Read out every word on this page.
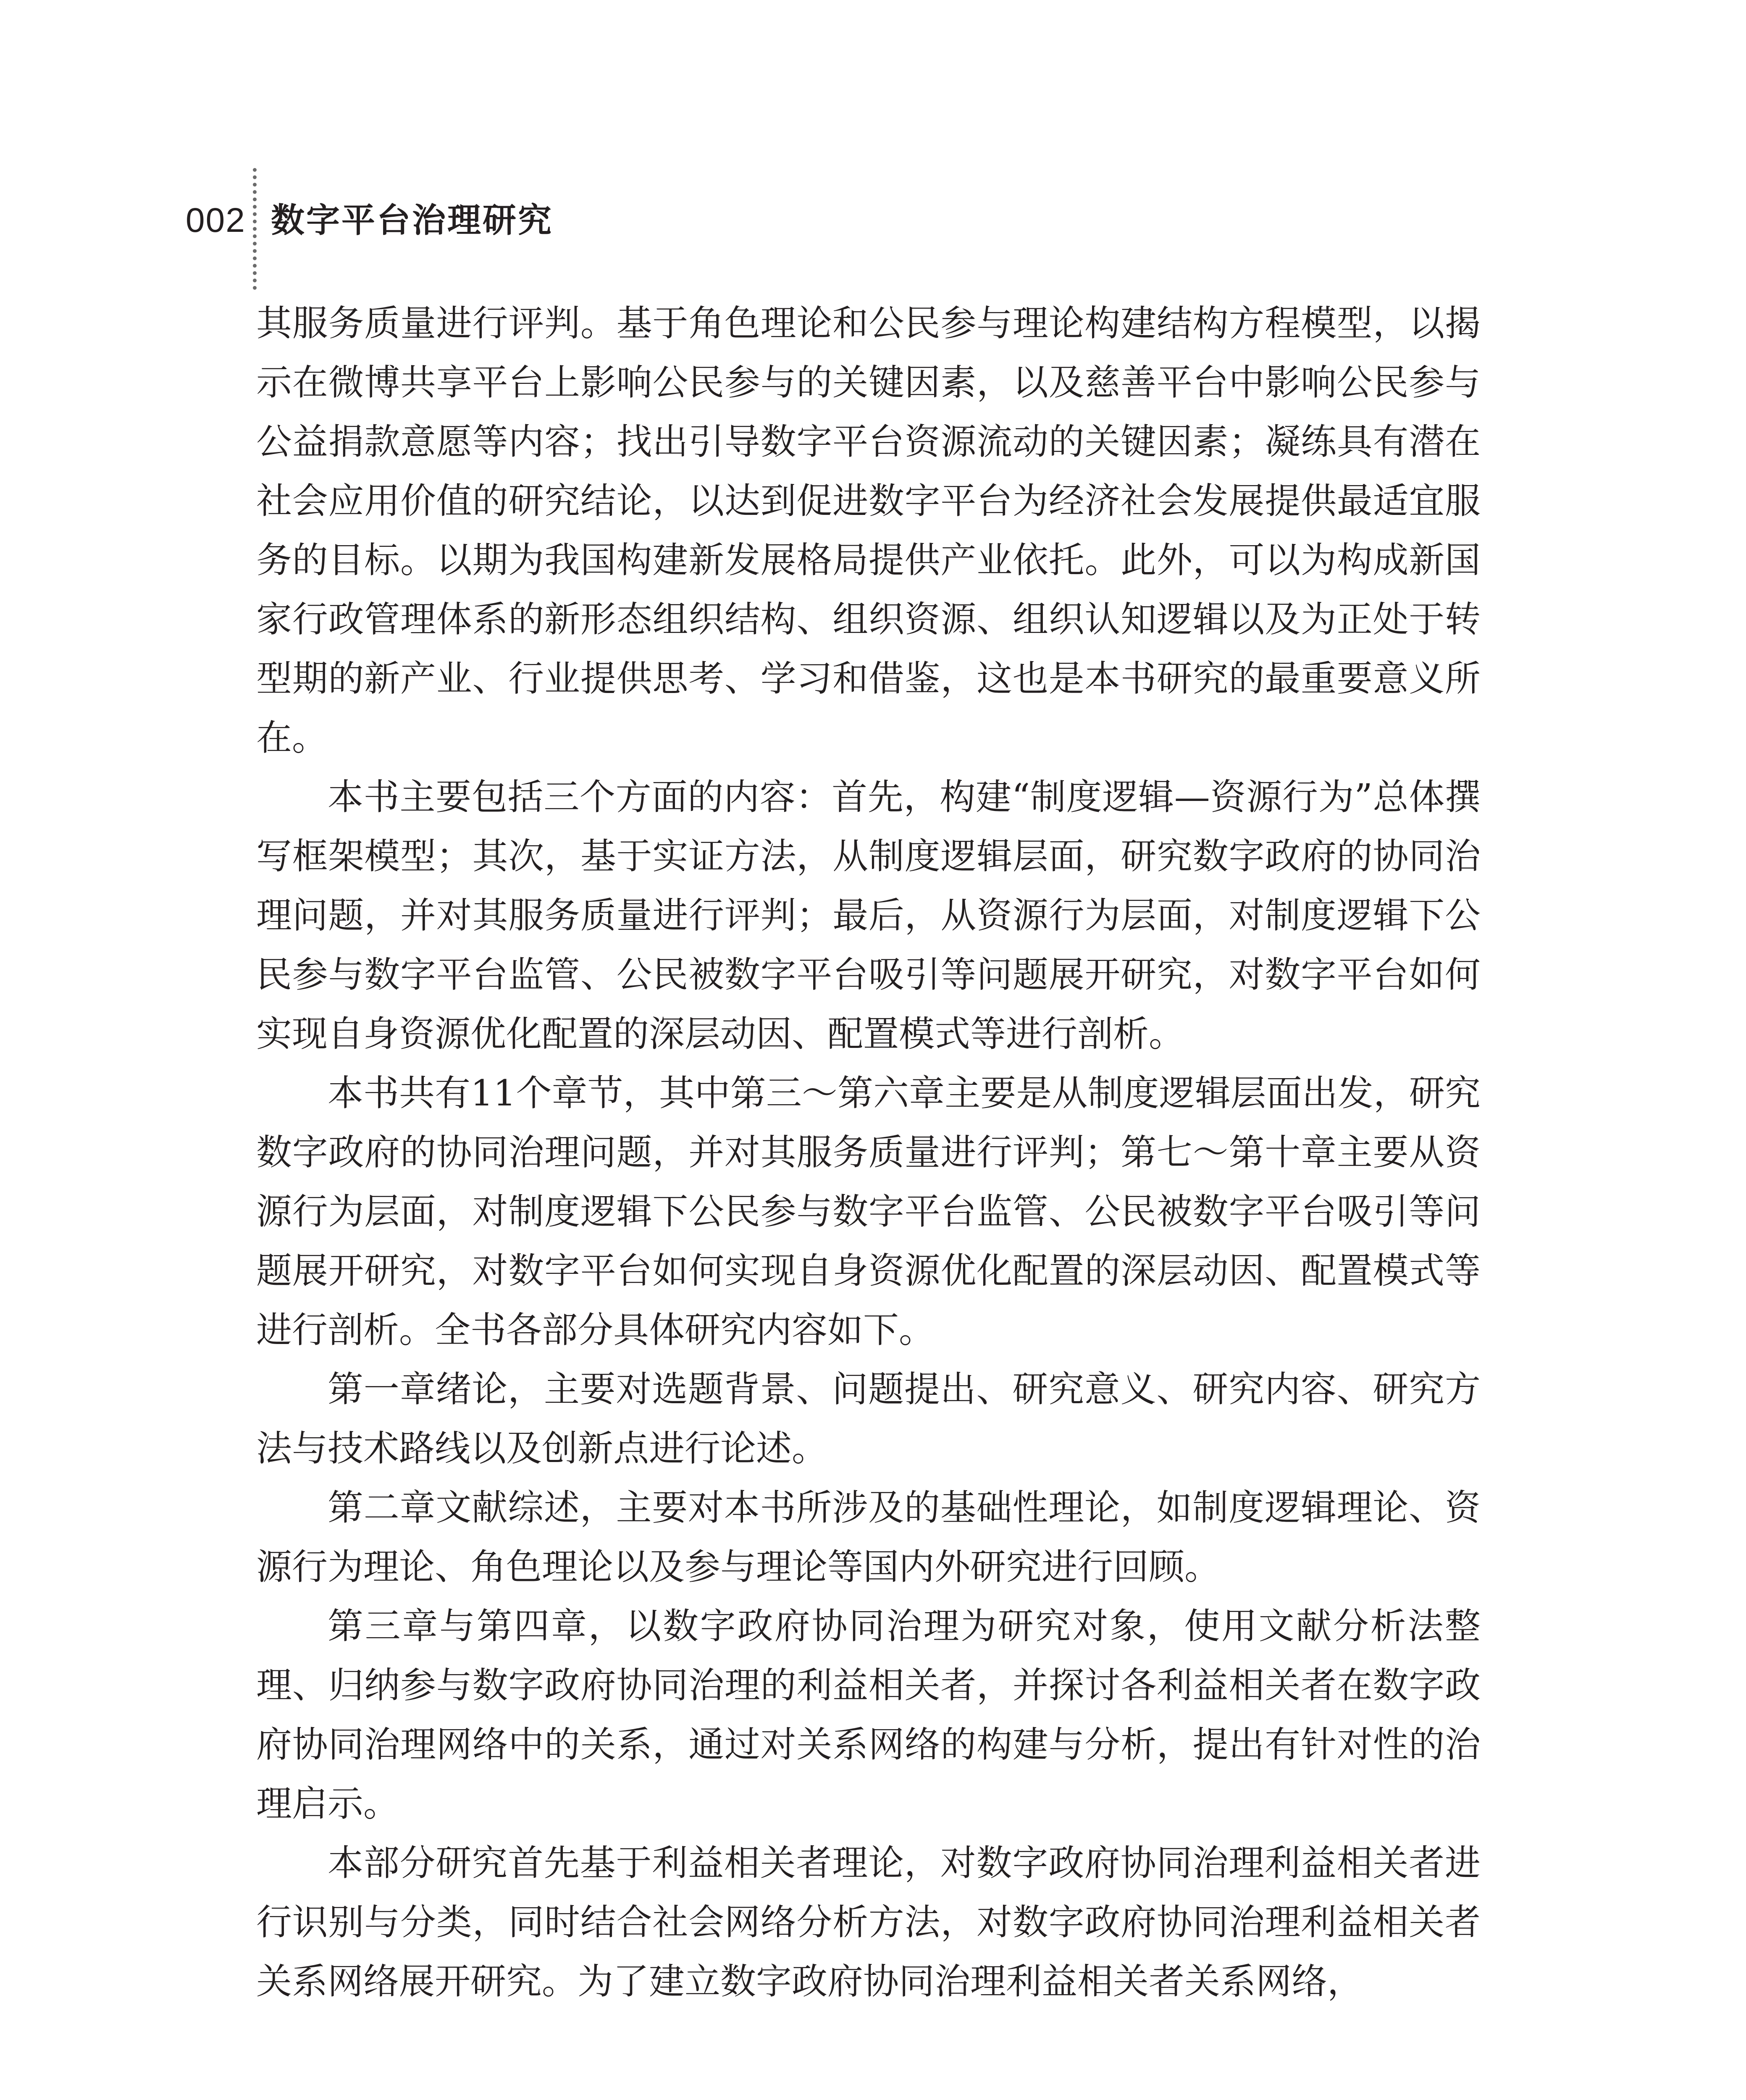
002 数字平台治理研究

其服务质量进行评判。基于角色理论和公民参与理论构建结构方程模型，以揭示在微博共享平台上影响公民参与的关键因素，以及慈善平台中影响公民参与公益捐款意愿等内容；找出引导数字平台资源流动的关键因素；凝练具有潜在社会应用价值的研究结论，以达到促进数字平台为经济社会发展提供最适宜服务的目标。以期为我国构建新发展格局提供产业依托。此外，可以为构成新国家行政管理体系的新形态组织结构、组织资源、组织认知逻辑以及为正处于转型期的新产业、行业提供思考、学习和借鉴，这也是本书研究的最重要意义所在。

本书主要包括三个方面的内容：首先，构建“制度逻辑—资源行为”总体撰写框架模型；其次，基于实证方法，从制度逻辑层面，研究数字政府的协同治理问题，并对其服务质量进行评判；最后，从资源行为层面，对制度逻辑下公民参与数字平台监管、公民被数字平台吸引等问题展开研究，对数字平台如何实现自身资源优化配置的深层动因、配置模式等进行剖析。

本书共有11个章节，其中第三～第六章主要是从制度逻辑层面出发，研究数字政府的协同治理问题，并对其服务质量进行评判；第七～第十章主要从资源行为层面，对制度逻辑下公民参与数字平台监管、公民被数字平台吸引等问题展开研究，对数字平台如何实现自身资源优化配置的深层动因、配置模式等进行剖析。全书各部分具体研究内容如下。

第一章绪论，主要对选题背景、问题提出、研究意义、研究内容、研究方法与技术路线以及创新点进行论述。

第二章文献综述，主要对本书所涉及的基础性理论，如制度逻辑理论、资源行为理论、角色理论以及参与理论等国内外研究进行回顾。

第三章与第四章，以数字政府协同治理为研究对象，使用文献分析法整理、归纳参与数字政府协同治理的利益相关者，并探讨各利益相关者在数字政府协同治理网络中的关系，通过对关系网络的构建与分析，提出有针对性的治理启示。

本部分研究首先基于利益相关者理论，对数字政府协同治理利益相关者进行识别与分类，同时结合社会网络分析方法，对数字政府协同治理利益相关者关系网络展开研究。为了建立数字政府协同治理利益相关者关系网络，
